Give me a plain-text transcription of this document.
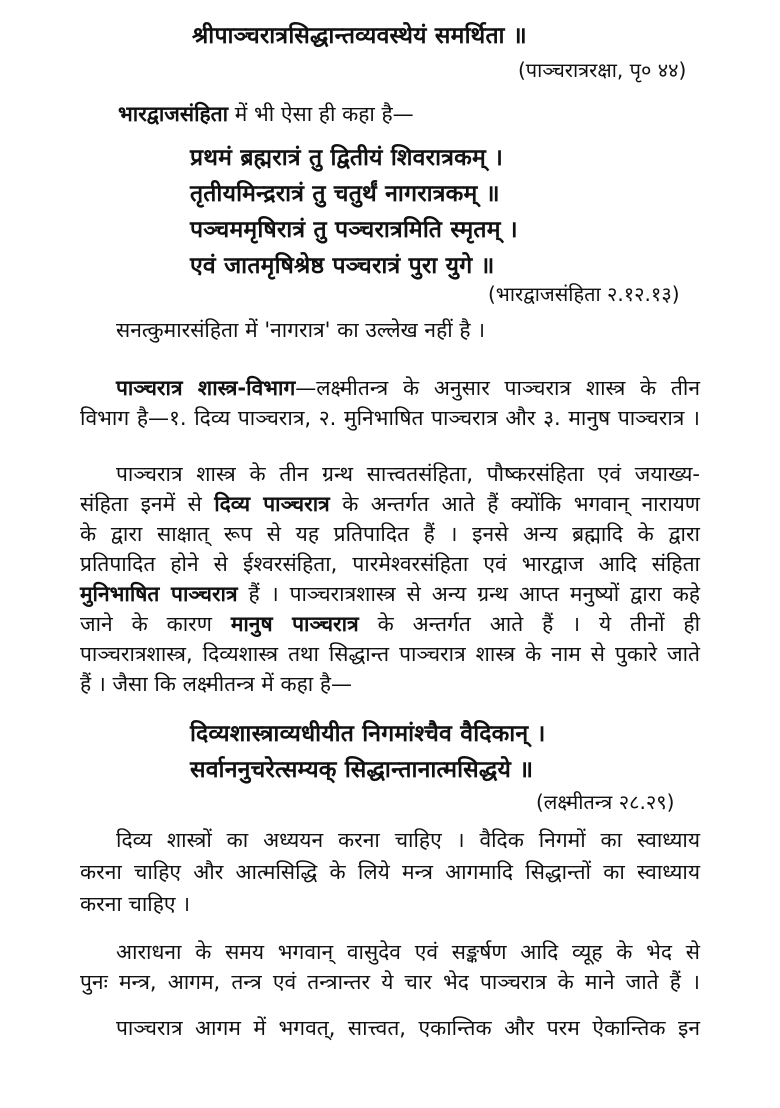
श्रीपाञ्चरात्रसिद्धान्तव्यवस्थेयं समर्थिता ॥
(पाञ्चरात्ररक्षा, पृ० ४४)
भारद्वाजसंहिता में भी ऐसा ही कहा है—
प्रथमं ब्रह्मरात्रं तु द्वितीयं शिवरात्रकम् ।
तृतीयमिन्द्ररात्रं तु चतुर्थं नागरात्रकम् ॥
पञ्चममृषिरात्रं तु पञ्चरात्रमिति स्मृतम् ।
एवं जातमृषिश्रेष्ठ पञ्चरात्रं पुरा युगे ॥
(भारद्वाजसंहिता २.१२.१३)
सनत्कुमारसंहिता में 'नागरात्र' का उल्लेख नहीं है ।
पाञ्चरात्र शास्त्र-विभाग—लक्ष्मीतन्त्र के अनुसार पाञ्चरात्र शास्त्र के तीन
विभाग है—१. दिव्य पाञ्चरात्र, २. मुनिभाषित पाञ्चरात्र और ३. मानुष पाञ्चरात्र ।
पाञ्चरात्र शास्त्र के तीन ग्रन्थ सात्त्वतसंहिता, पौष्करसंहिता एवं जयाख्य-
संहिता इनमें से दिव्य पाञ्चरात्र के अन्तर्गत आते हैं क्योंकि भगवान् नारायण
के द्वारा साक्षात् रूप से यह प्रतिपादित हैं । इनसे अन्य ब्रह्मादि के द्वारा
प्रतिपादित होने से ईश्वरसंहिता, पारमेश्वरसंहिता एवं भारद्वाज आदि संहिता
मुनिभाषित पाञ्चरात्र हैं । पाञ्चरात्रशास्त्र से अन्य ग्रन्थ आप्त मनुष्यों द्वारा कहे
जाने के कारण मानुष पाञ्चरात्र के अन्तर्गत आते हैं । ये तीनों ही
पाञ्चरात्रशास्त्र, दिव्यशास्त्र तथा सिद्धान्त पाञ्चरात्र शास्त्र के नाम से पुकारे जाते
हैं । जैसा कि लक्ष्मीतन्त्र में कहा है—
दिव्यशास्त्राव्यधीयीत निगमांश्चैव वैदिकान् ।
सर्वाननुचरेत्सम्यक् सिद्धान्तानात्मसिद्धये ॥
(लक्ष्मीतन्त्र २८.२९)
दिव्य शास्त्रों का अध्ययन करना चाहिए । वैदिक निगमों का स्वाध्याय
करना चाहिए और आत्मसिद्धि के लिये मन्त्र आगमादि सिद्धान्तों का स्वाध्याय
करना चाहिए ।
आराधना के समय भगवान् वासुदेव एवं सङ्कर्षण आदि व्यूह के भेद से
पुनः मन्त्र, आगम, तन्त्र एवं तन्त्रान्तर ये चार भेद पाञ्चरात्र के माने जाते हैं ।
पाञ्चरात्र आगम में भगवत्, सात्त्वत, एकान्तिक और परम ऐकान्तिक इन
